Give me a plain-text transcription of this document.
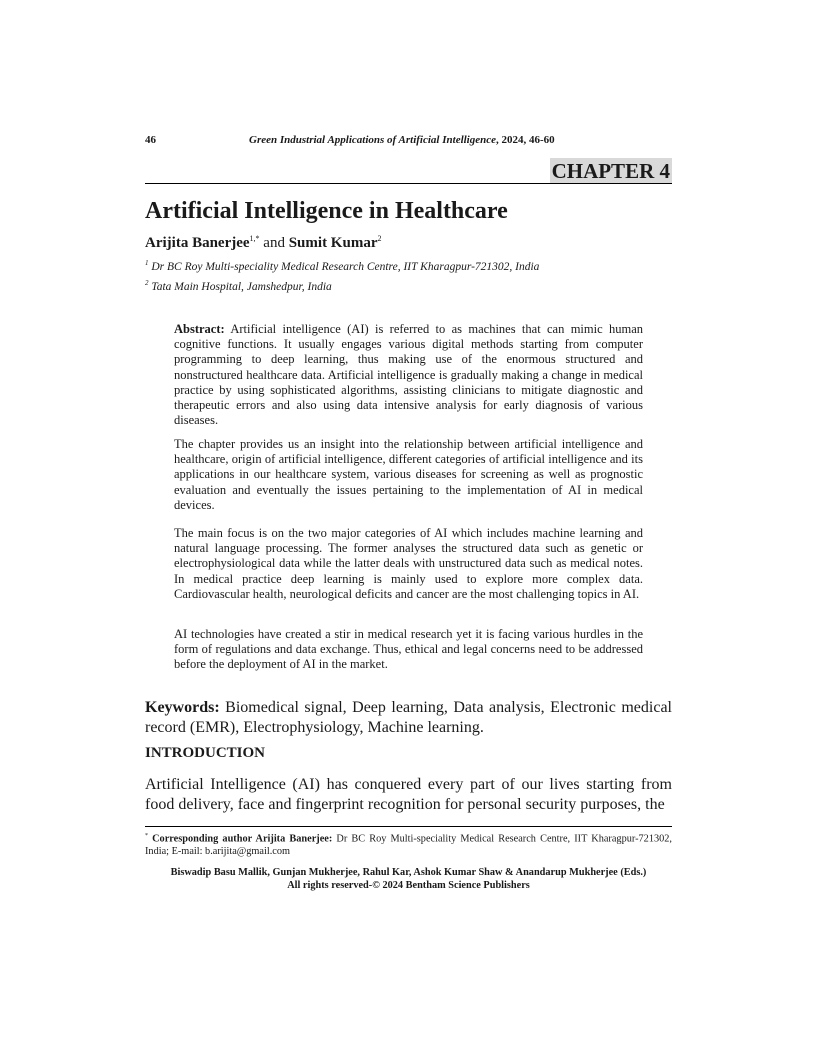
46	Green Industrial Applications of Artificial Intelligence, 2024, 46-60
CHAPTER 4
Artificial Intelligence in Healthcare
Arijita Banerjee$^{1,*}$ and Sumit Kumar$^2$
$^1$ Dr BC Roy Multi-speciality Medical Research Centre, IIT Kharagpur-721302, India
$^2$ Tata Main Hospital, Jamshedpur, India

Abstract: Artificial intelligence (AI) is referred to as machines that can mimic human cognitive functions. It usually engages various digital methods starting from computer programming to deep learning, thus making use of the enormous structured and nonstructured healthcare data. Artificial intelligence is gradually making a change in medical practice by using sophisticated algorithms, assisting clinicians to mitigate diagnostic and therapeutic errors and also using data intensive analysis for early diagnosis of various diseases.

The chapter provides us an insight into the relationship between artificial intelligence and healthcare, origin of artificial intelligence, different categories of artificial intelligence and its applications in our healthcare system, various diseases for screening as well as prognostic evaluation and eventually the issues pertaining to the implementation of AI in medical devices.

The main focus is on the two major categories of AI which includes machine learning and natural language processing. The former analyses the structured data such as genetic or electrophysiological data while the latter deals with unstructured data such as medical notes. In medical practice deep learning is mainly used to explore more complex data. Cardiovascular health, neurological deficits and cancer are the most challenging topics in AI.

AI technologies have created a stir in medical research yet it is facing various hurdles in the form of regulations and data exchange. Thus, ethical and legal concerns need to be addressed before the deployment of AI in the market.

Keywords: Biomedical signal, Deep learning, Data analysis, Electronic medical record (EMR), Electrophysiology, Machine learning.

INTRODUCTION

Artificial Intelligence (AI) has conquered every part of our lives starting from food delivery, face and fingerprint recognition for personal security purposes, the

* Corresponding author Arijita Banerjee: Dr BC Roy Multi-speciality Medical Research Centre, IIT Kharagpur-721302, India; E-mail: b.arijita@gmail.com

Biswadip Basu Mallik, Gunjan Mukherjee, Rahul Kar, Ashok Kumar Shaw & Anandarup Mukherjee (Eds.)
All rights reserved-© 2024 Bentham Science Publishers
